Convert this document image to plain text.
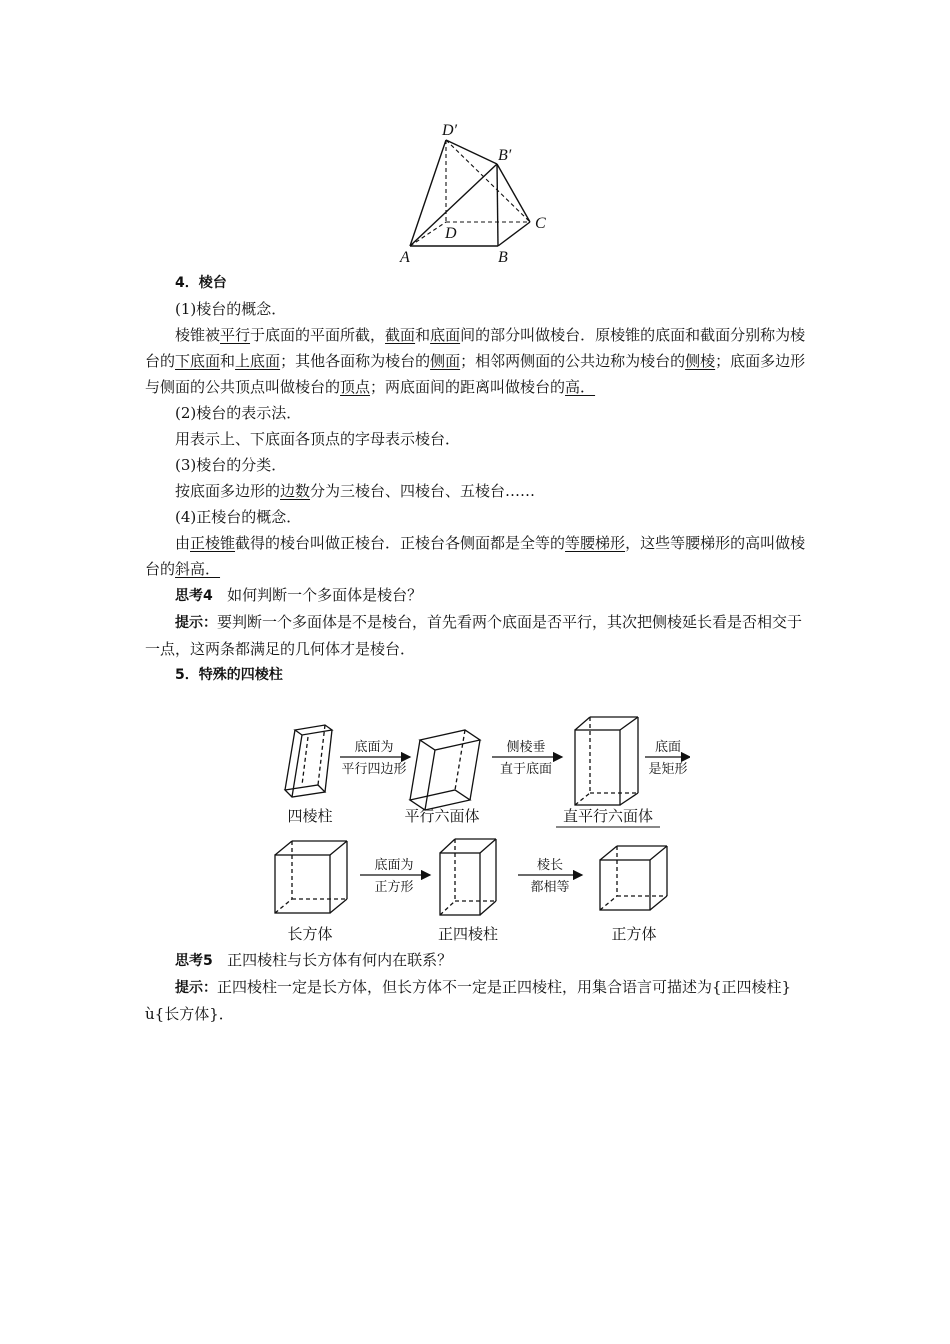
D′
B′
C
D
A	B
4．棱台
(1)棱台的概念．
棱锥被平行于底面的平面所截，截面和底面间的部分叫做棱台．原棱锥的底面和截面分别称为棱台的下底面和上底面；其他各面称为棱台的侧面；相邻两侧面的公共边称为棱台的侧棱；底面多边形与侧面的公共顶点叫做棱台的顶点；两底面间的距离叫做棱台的高．
(2)棱台的表示法．
用表示上、下底面各顶点的字母表示棱台．
(3)棱台的分类．
按底面多边形的边数分为三棱台、四棱台、五棱台……
(4)正棱台的概念．
由正棱锥截得的棱台叫做正棱台．正棱台各侧面都是全等的等腰梯形，这些等腰梯形的高叫做棱台的斜高．
思考4 如何判断一个多面体是棱台？
提示：要判断一个多面体是不是棱台，首先看两个底面是否平行，其次把侧棱延长看是否相交于一点，这两条都满足的几何体才是棱台．
5．特殊的四棱柱
底面为
平行四边形
侧棱垂
直于底面
底面
是矩形
底面为
正方形
棱长
都相等
四棱柱	平行六面体	直平行六面体
长方体	正四棱柱	正方体
思考5 正四棱柱与长方体有何内在联系？
提示：正四棱柱一定是长方体，但长方体不一定是正四棱柱，用集合语言可描述为{正四棱柱}ù{长方体}．
